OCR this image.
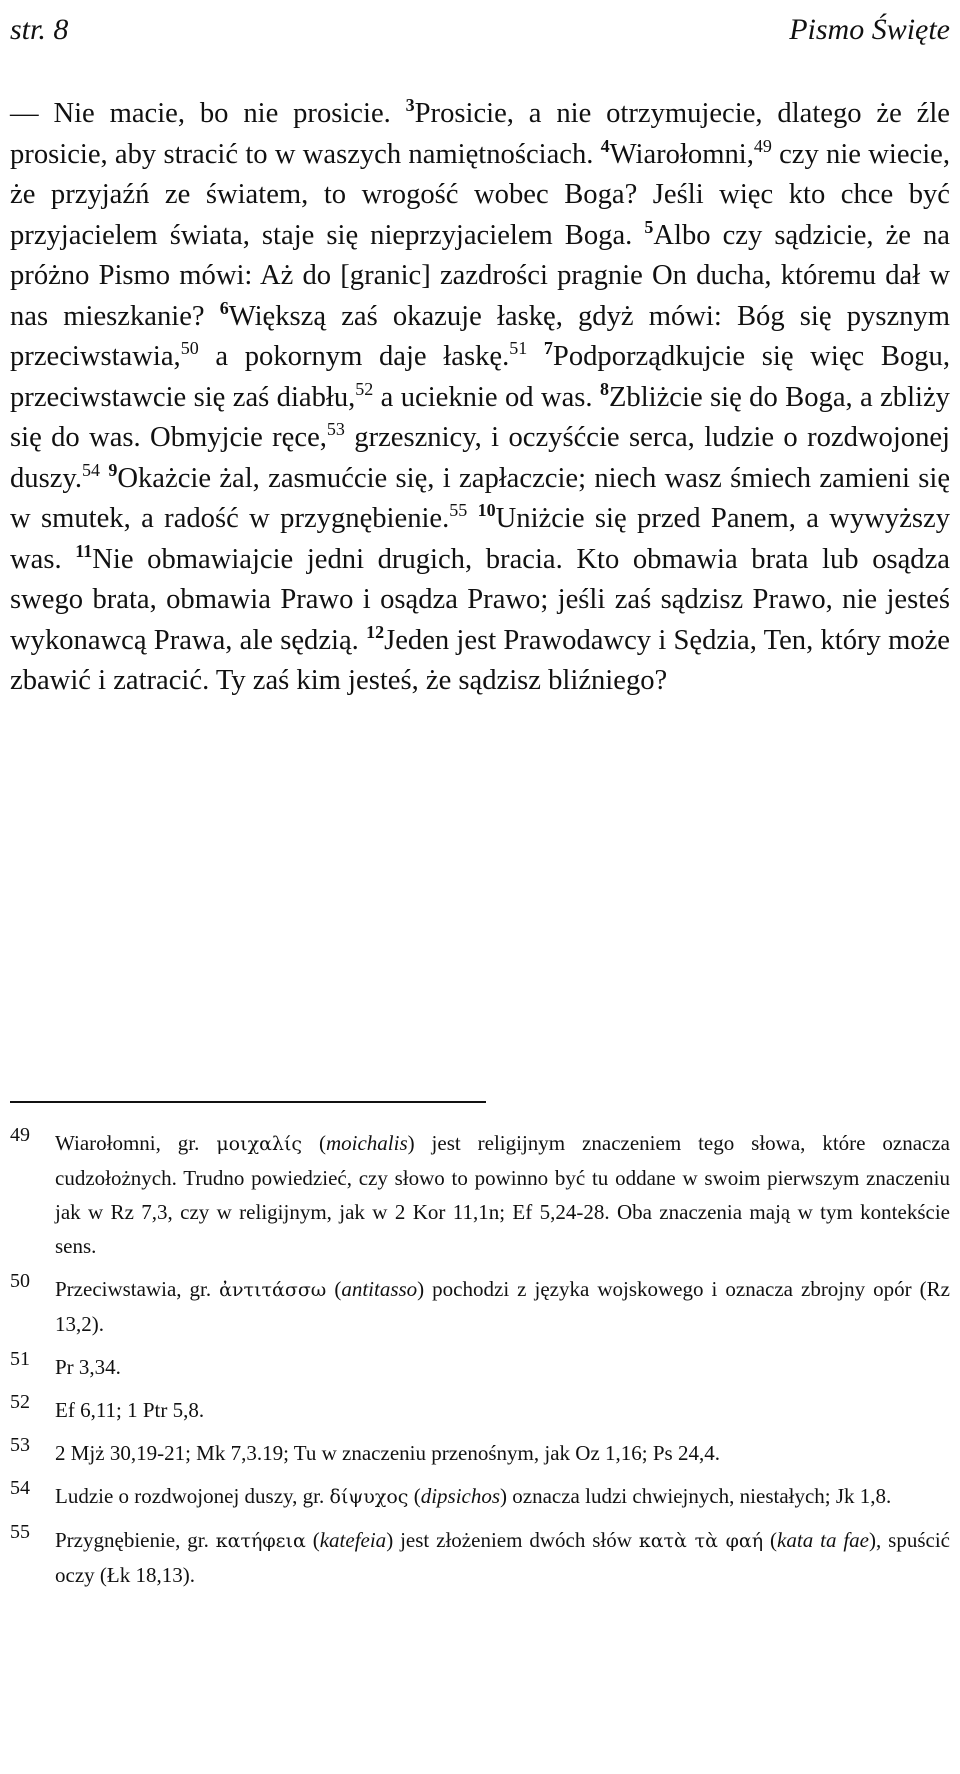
str. 8	Pismo Święte
— Nie macie, bo nie prosicie. $^3$Prosicie, a nie otrzymujecie, dlatego że źle prosicie, aby stracić to w waszych namiętnościach. $^4$Wiarołomni,$^{49}$ czy nie wiecie, że przyjaźń ze światem, to wrogość wobec Boga? Jeśli więc kto chce być przyjacielem świata, staje się nieprzyjacielem Boga. $^5$Albo czy sądzicie, że na próżno Pismo mówi: Aż do [granic] zazdrości pragnie On ducha, któremu dał w nas mieszkanie? $^6$Większą zaś okazuje łaskę, gdyż mówi: Bóg się pysznym przeciwstawia,$^{50}$ a pokornym daje łaskę.$^{51}$ $^7$Podporządkujcie się więc Bogu, przeciwstawcie się zaś diabłu,$^{52}$ a ucieknie od was. $^8$Zbliżcie się do Boga, a zbliży się do was. Obmyjcie ręce,$^{53}$ grzesznicy, i oczyśćcie serca, ludzie o rozdwojonej duszy.$^{54}$ $^9$Okażcie żal, zasmućcie się, i zapłaczcie; niech wasz śmiech zamieni się w smutek, a radość w przygnębienie.$^{55}$ $^{10}$Uniżcie się przed Panem, a wywyższy was. $^{11}$Nie obmawiajcie jedni drugich, bracia. Kto obmawia brata lub osądza swego brata, obmawia Prawo i osądza Prawo; jeśli zaś sądzisz Prawo, nie jesteś wykonawcą Prawa, ale sędzią. $^{12}$Jeden jest Prawodawcy i Sędzia, Ten, który może zbawić i zatracić. Ty zaś kim jesteś, że sądzisz bliźniego?
49 Wiarołomni, gr. μοιχαλίς (moichalis) jest religijnym znaczeniem tego słowa, które oznacza cudzołożnych. Trudno powiedzieć, czy słowo to powinno być tu oddane w swoim pierwszym znaczeniu jak w Rz 7,3, czy w religijnym, jak w 2 Kor 11,1n; Ef 5,24-28. Oba znaczenia mają w tym kontekście sens.
50 Przeciwstawia, gr. ἀντιτάσσω (antitasso) pochodzi z języka wojskowego i oznacza zbrojny opór (Rz 13,2).
51 Pr 3,34.
52 Ef 6,11; 1 Ptr 5,8.
53 2 Mjż 30,19-21; Mk 7,3.19; Tu w znaczeniu przenośnym, jak Oz 1,16; Ps 24,4.
54 Ludzie o rozdwojonej duszy, gr. δίψυχος (dipsichos) oznacza ludzi chwiejnych, niestałych; Jk 1,8.
55 Przygnębienie, gr. κατήφεια (katefeia) jest złożeniem dwóch słów κατὰ τὰ φαή (kata ta fae), spuścić oczy (Łk 18,13).
